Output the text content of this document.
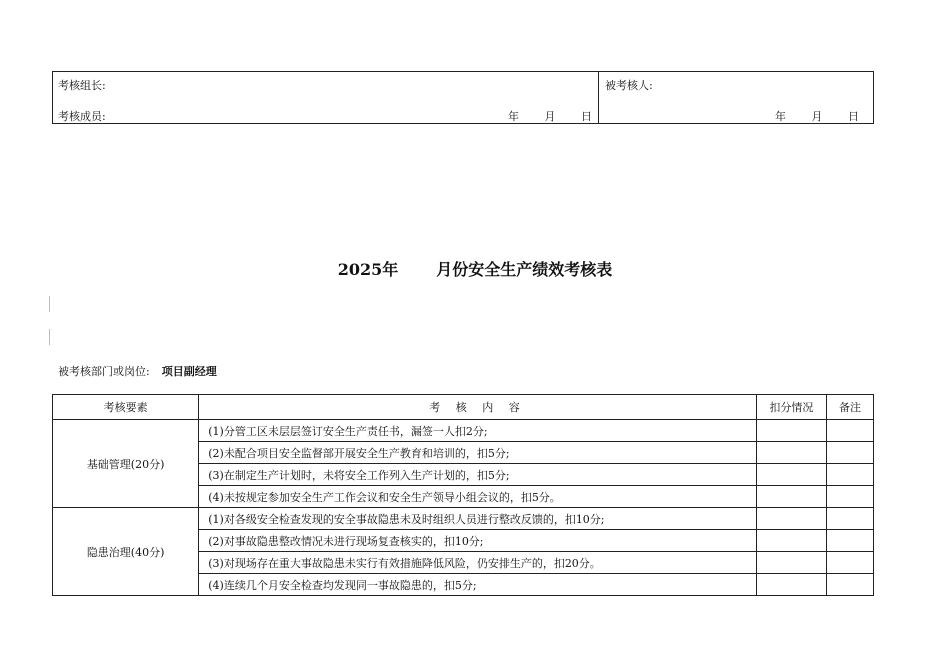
考核组长:
考核成员:	年 月 日

被考核人:
年 月 日
2025年 月份安全生产绩效考核表
被考核部门或岗位: 项目副经理
考核要素	考 核 内 容	扣分情况	备注
基础管理(20分)	(1)分管工区未层层签订安全生产责任书，漏签一人扣2分;		
	(2)未配合项目安全监督部开展安全生产教育和培训的，扣5分;		
	(3)在制定生产计划时，未将安全工作列入生产计划的，扣5分;		
	(4)未按规定参加安全生产工作会议和安全生产领导小组会议的，扣5分。		
隐患治理(40分)	(1)对各级安全检查发现的安全事故隐患未及时组织人员进行整改反馈的，扣10分;		
	(2)对事故隐患整改情况未进行现场复查核实的，扣10分;		
	(3)对现场存在重大事故隐患未实行有效措施降低风险，仍安排生产的，扣20分。		
	(4)连续几个月安全检查均发现同一事故隐患的，扣5分;		
